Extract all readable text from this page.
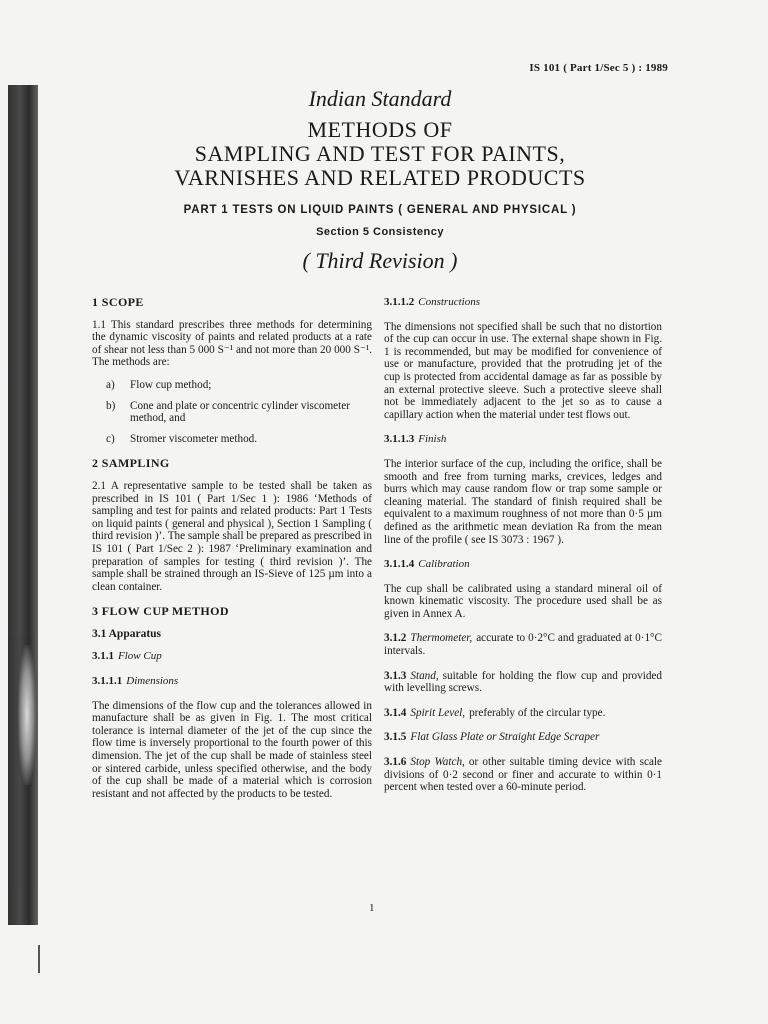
IS 101 ( Part 1/Sec 5 ) : 1989
Indian Standard
METHODS OF
SAMPLING AND TEST FOR PAINTS,
VARNISHES AND RELATED PRODUCTS
PART 1 TESTS ON LIQUID PAINTS ( GENERAL AND PHYSICAL )
Section 5 Consistency
( Third Revision )
1 SCOPE

1.1 This standard prescribes three methods for determining the dynamic viscosity of paints and related products at a rate of shear not less than 5 000 S⁻¹ and not more than 20 000 S⁻¹. The methods are:

a)	Flow cup method;
b)	Cone and plate or concentric cylinder viscometer method, and
c)	Stromer viscometer method.
2 SAMPLING

2.1 A representative sample to be tested shall be taken as prescribed in IS 101 ( Part 1/Sec 1 ): 1986 ‘Methods of sampling and test for paints and related products: Part 1 Tests on liquid paints ( general and physical ), Section 1 Sampling ( third revision )’. The sample shall be prepared as prescribed in IS 101 ( Part 1/Sec 2 ): 1987 ‘Preliminary examination and preparation of samples for testing ( third revision )’. The sample shall be strained through an IS-Sieve of 125 µm into a clean container.

3 FLOW CUP METHOD
3.1 Apparatus
3.1.1 Flow Cup
3.1.1.1 Dimensions

The dimensions of the flow cup and the tolerances allowed in manufacture shall be as given in Fig. 1. The most critical tolerance is internal diameter of the jet of the cup since the flow time is inversely proportional to the fourth power of this dimension. The jet of the cup shall be made of stainless steel or sintered carbide, unless specified otherwise, and the body of the cup shall be made of a material which is corrosion resistant and not affected by the products to be tested.

3.1.1.2 Constructions

The dimensions not specified shall be such that no distortion of the cup can occur in use. The external shape shown in Fig. 1 is recommended, but may be modified for convenience of use or manufacture, provided that the protruding jet of the cup is protected from accidental damage as far as possible by an external protective sleeve. Such a protective sleeve shall not be immediately adjacent to the jet so as to cause a capillary action when the material under test flows out.

3.1.1.3 Finish

The interior surface of the cup, including the orifice, shall be smooth and free from turning marks, crevices, ledges and burrs which may cause random flow or trap some sample or cleaning material. The standard of finish required shall be equivalent to a maximum roughness of not more than 0·5 µm defined as the arithmetic mean deviation Ra from the mean line of the profile ( see IS 3073 : 1967 ).

3.1.1.4 Calibration

The cup shall be calibrated using a standard mineral oil of known kinematic viscosity. The procedure used shall be as given in Annex A.

3.1.2 Thermometer, accurate to 0·2°C and graduated at 0·1°C intervals.

3.1.3 Stand, suitable for holding the flow cup and provided with levelling screws.

3.1.4 Spirit Level, preferably of the circular type.

3.1.5 Flat Glass Plate or Straight Edge Scraper

3.1.6 Stop Watch, or other suitable timing device with scale divisions of 0·2 second or finer and accurate to within 0·1 percent when tested over a 60-minute period.

1
